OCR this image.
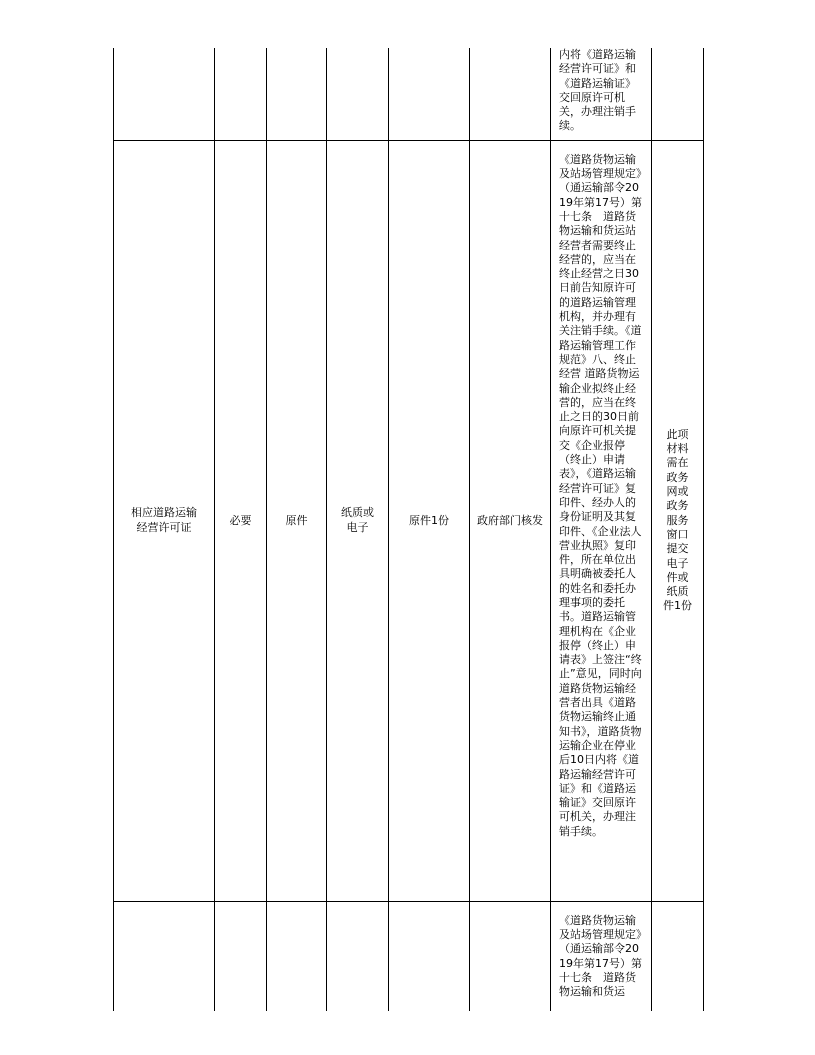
						内将《道路运输经营许可证》和《道路运输证》交回原许可机关，办理注销手续。	

相应道路运输经营许可证	必要	原件	纸质或电子	原件1份	政府部门核发	《道路货物运输及站场管理规定》（通运输部令2019年第17号）第十七条　道路货物运输和货运站经营者需要终止经营的，应当在终止经营之日30日前告知原许可的道路运输管理机构，并办理有关注销手续。《道路运输管理工作规范》八、终止经营 道路货物运输企业拟终止经营的，应当在终止之日的30日前向原许可机关提交《企业报停（终止）申请表》，《道路运输经营许可证》复印件、经办人的身份证明及其复印件、《企业法人营业执照》复印件，所在单位出具明确被委托人的姓名和委托办理事项的委托书。道路运输管理机构在《企业报停（终止）申请表》上签注“终止”意见，同时向道路货物运输经营者出具《道路货物运输终止通知书》，道路货物运输企业在停业后10日内将《道路运输经营许可证》和《道路运输证》交回原许可机关，办理注销手续。	此项材料需在政务网或政务服务窗口提交电子件或纸质件1份

						《道路货物运输及站场管理规定》（通运输部令2019年第17号）第十七条　道路货物运输和货运	
